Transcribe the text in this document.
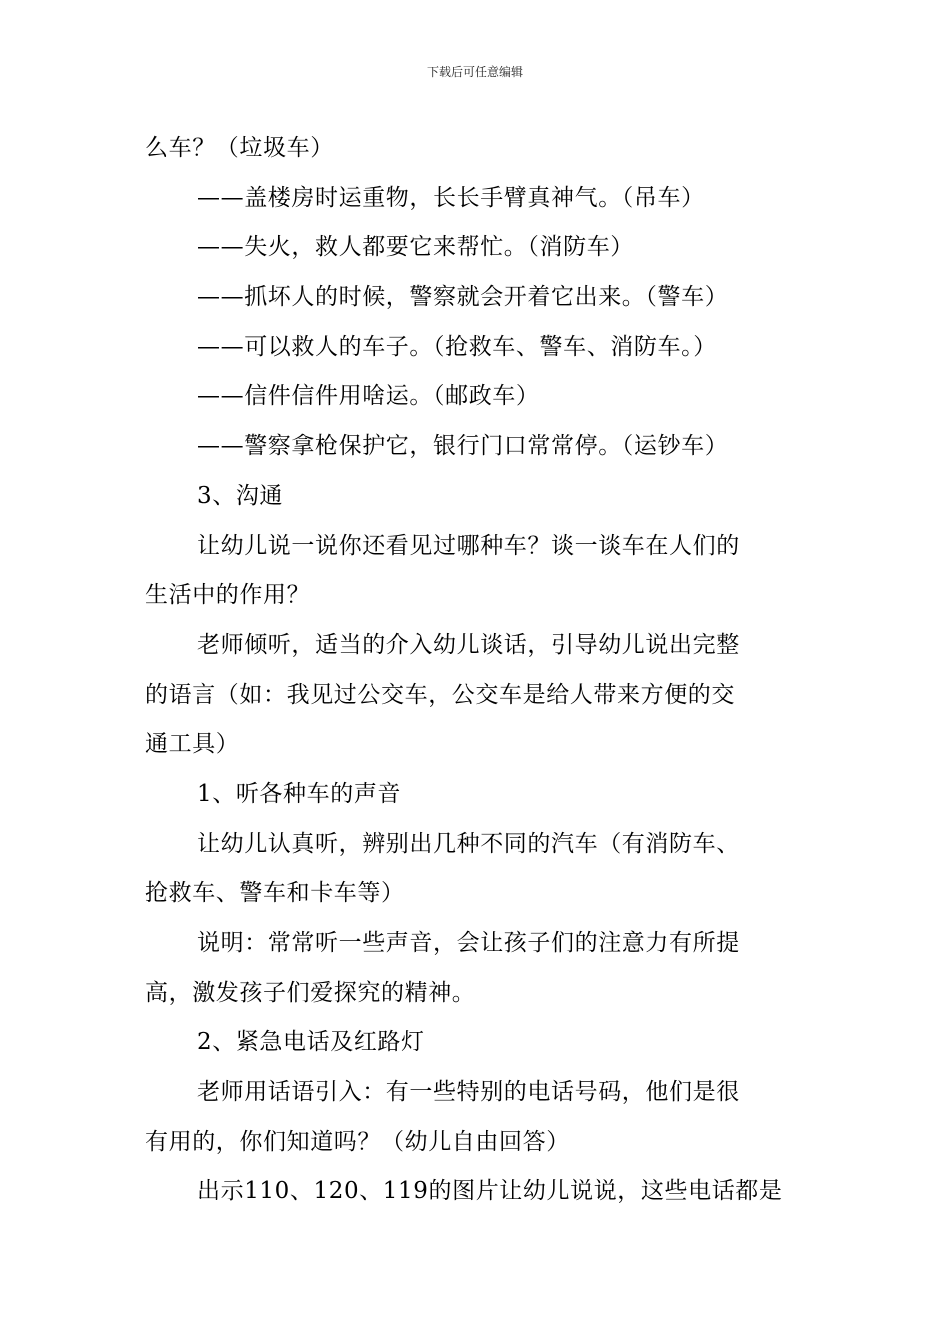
下载后可任意编辑
么车？（垃圾车）
——盖楼房时运重物，长长手臂真神气。（吊车）
——失火，救人都要它来帮忙。（消防车）
——抓坏人的时候，警察就会开着它出来。（警车）
——可以救人的车子。（抢救车、警车、消防车。）
——信件信件用啥运。（邮政车）
——警察拿枪保护它，银行门口常常停。（运钞车）
3、沟通
让幼儿说一说你还看见过哪种车？谈一谈车在人们的
生活中的作用？
老师倾听，适当的介入幼儿谈话，引导幼儿说出完整
的语言（如：我见过公交车，公交车是给人带来方便的交
通工具）
1、听各种车的声音
让幼儿认真听，辨别出几种不同的汽车（有消防车、
抢救车、警车和卡车等）
说明：常常听一些声音，会让孩子们的注意力有所提
高，激发孩子们爱探究的精神。
2、紧急电话及红路灯
老师用话语引入：有一些特别的电话号码，他们是很
有用的，你们知道吗？（幼儿自由回答）
出示110、120、119的图片让幼儿说说，这些电话都是
